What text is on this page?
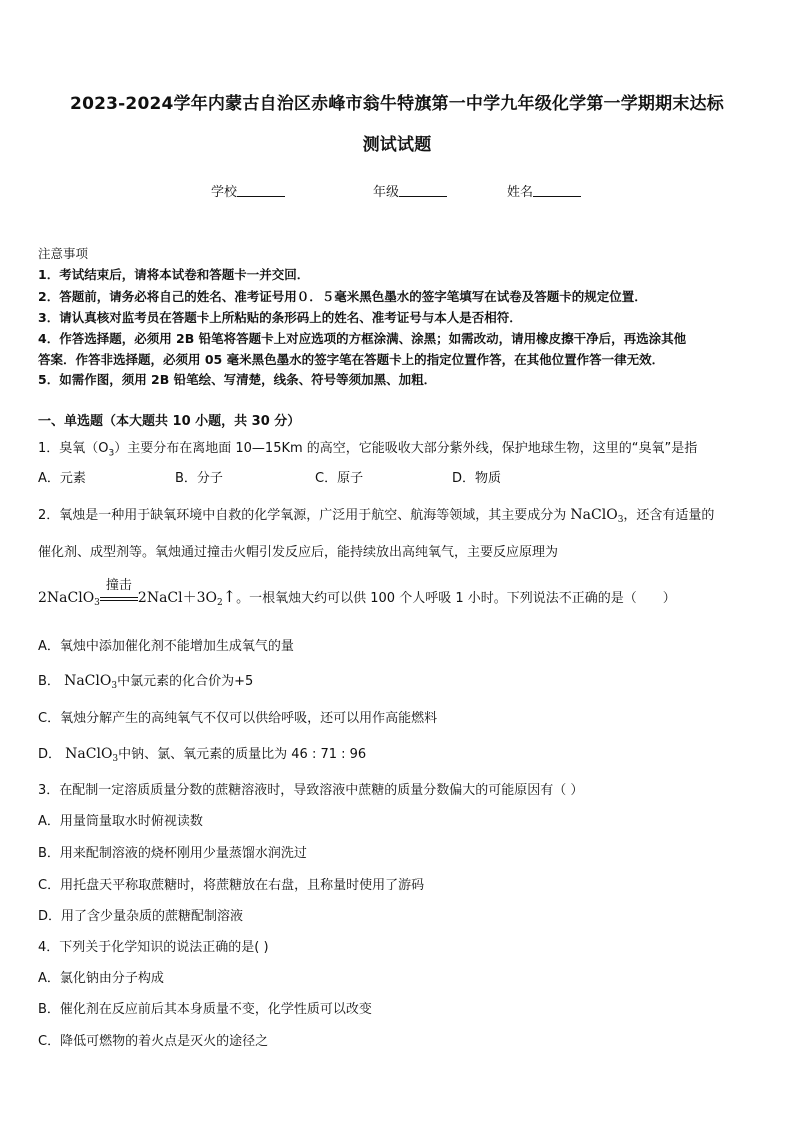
2023-2024学年内蒙古自治区赤峰市翁牛特旗第一中学九年级化学第一学期期末达标
测试试题
学校	年级	姓名
注意事项
1．考试结束后，请将本试卷和答题卡一并交回．
2．答题前，请务必将自己的姓名、准考证号用０．５毫米黑色墨水的签字笔填写在试卷及答题卡的规定位置．
3．请认真核对监考员在答题卡上所粘贴的条形码上的姓名、准考证号与本人是否相符．
4．作答选择题，必须用 2B 铅笔将答题卡上对应选项的方框涂满、涂黑；如需改动，请用橡皮擦干净后，再选涂其他
答案．作答非选择题，必须用 05 毫米黑色墨水的签字笔在答题卡上的指定位置作答，在其他位置作答一律无效．
5．如需作图，须用 2B 铅笔绘、写清楚，线条、符号等须加黑、加粗．
一、单选题（本大题共 10 小题，共 30 分）
1．臭氧$(O_3)$主要分布在离地面 10—15Km 的高空，它能吸收大部分紫外线，保护地球生物，这里的“臭氧”是指
A．元素	B．分子	C．原子	D．物质
2．氧烛是一种用于缺氧环境中自救的化学氧源，广泛用于航空、航海等领域，其主要成分为 NaClO$_3$，还含有适量的
催化剂、成型剂等。氧烛通过撞击火帽引发反应后，能持续放出高纯氧气，主要反应原理为
2NaClO$_3$
撞击
$2NaCl+3O_2↑$。一根氧烛大约可以供 100 个人呼吸 1 小时。下列说法不正确的是（　　）
A．氧烛中添加催化剂不能增加生成氧气的量
B． NaClO$_3$中氯元素的化合价为+5
C．氧烛分解产生的高纯氧气不仅可以供给呼吸，还可以用作高能燃料
D． NaClO$_3$中钠、氯、氧元素的质量比为 46 : 71 : 96
3．在配制一定溶质质量分数的蔗糖溶液时，导致溶液中蔗糖的质量分数偏大的可能原因有（ ）
A．用量筒量取水时俯视读数
B．用来配制溶液的烧杯刚用少量蒸馏水润洗过
C．用托盘天平称取蔗糖时，将蔗糖放在右盘，且称量时使用了游码
D．用了含少量杂质的蔗糖配制溶液
4．下列关于化学知识的说法正确的是( )
A．氯化钠由分子构成
B．催化剂在反应前后其本身质量不变，化学性质可以改变
C．降低可燃物的着火点是灭火的途径之
